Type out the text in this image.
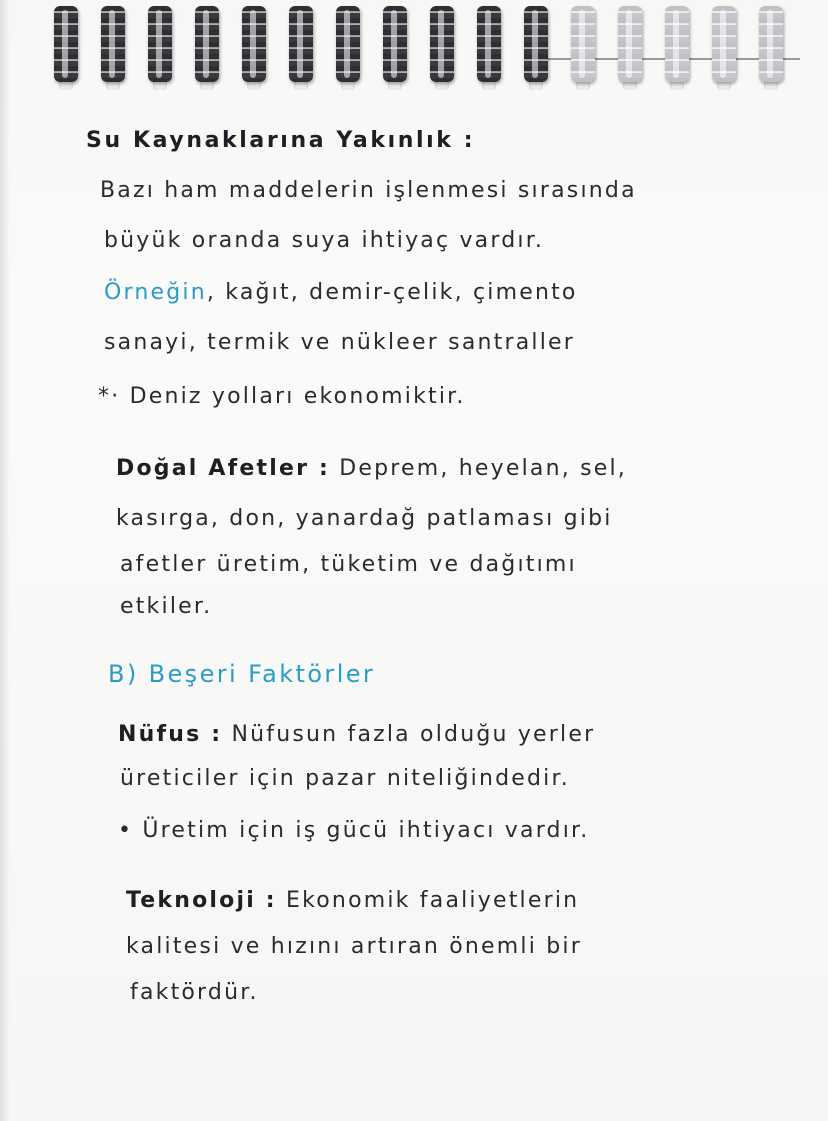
Su Kaynaklarına Yakınlık :
Bazı ham maddelerin işlenmesi sırasında
büyük oranda suya ihtiyaç vardır.
Örneğin, kağıt, demir-çelik, çimento
sanayi, termik ve nükleer santraller
*· Deniz yolları ekonomiktir.
Doğal Afetler : Deprem, heyelan, sel,
kasırga, don, yanardağ patlaması gibi
afetler üretim, tüketim ve dağıtımı
etkiler.
B) Beşeri Faktörler
Nüfus : Nüfusun fazla olduğu yerler
üreticiler için pazar niteliğindedir.
• Üretim için iş gücü ihtiyacı vardır.
Teknoloji : Ekonomik faaliyetlerin
kalitesi ve hızını artıran önemli bir
faktördür.
